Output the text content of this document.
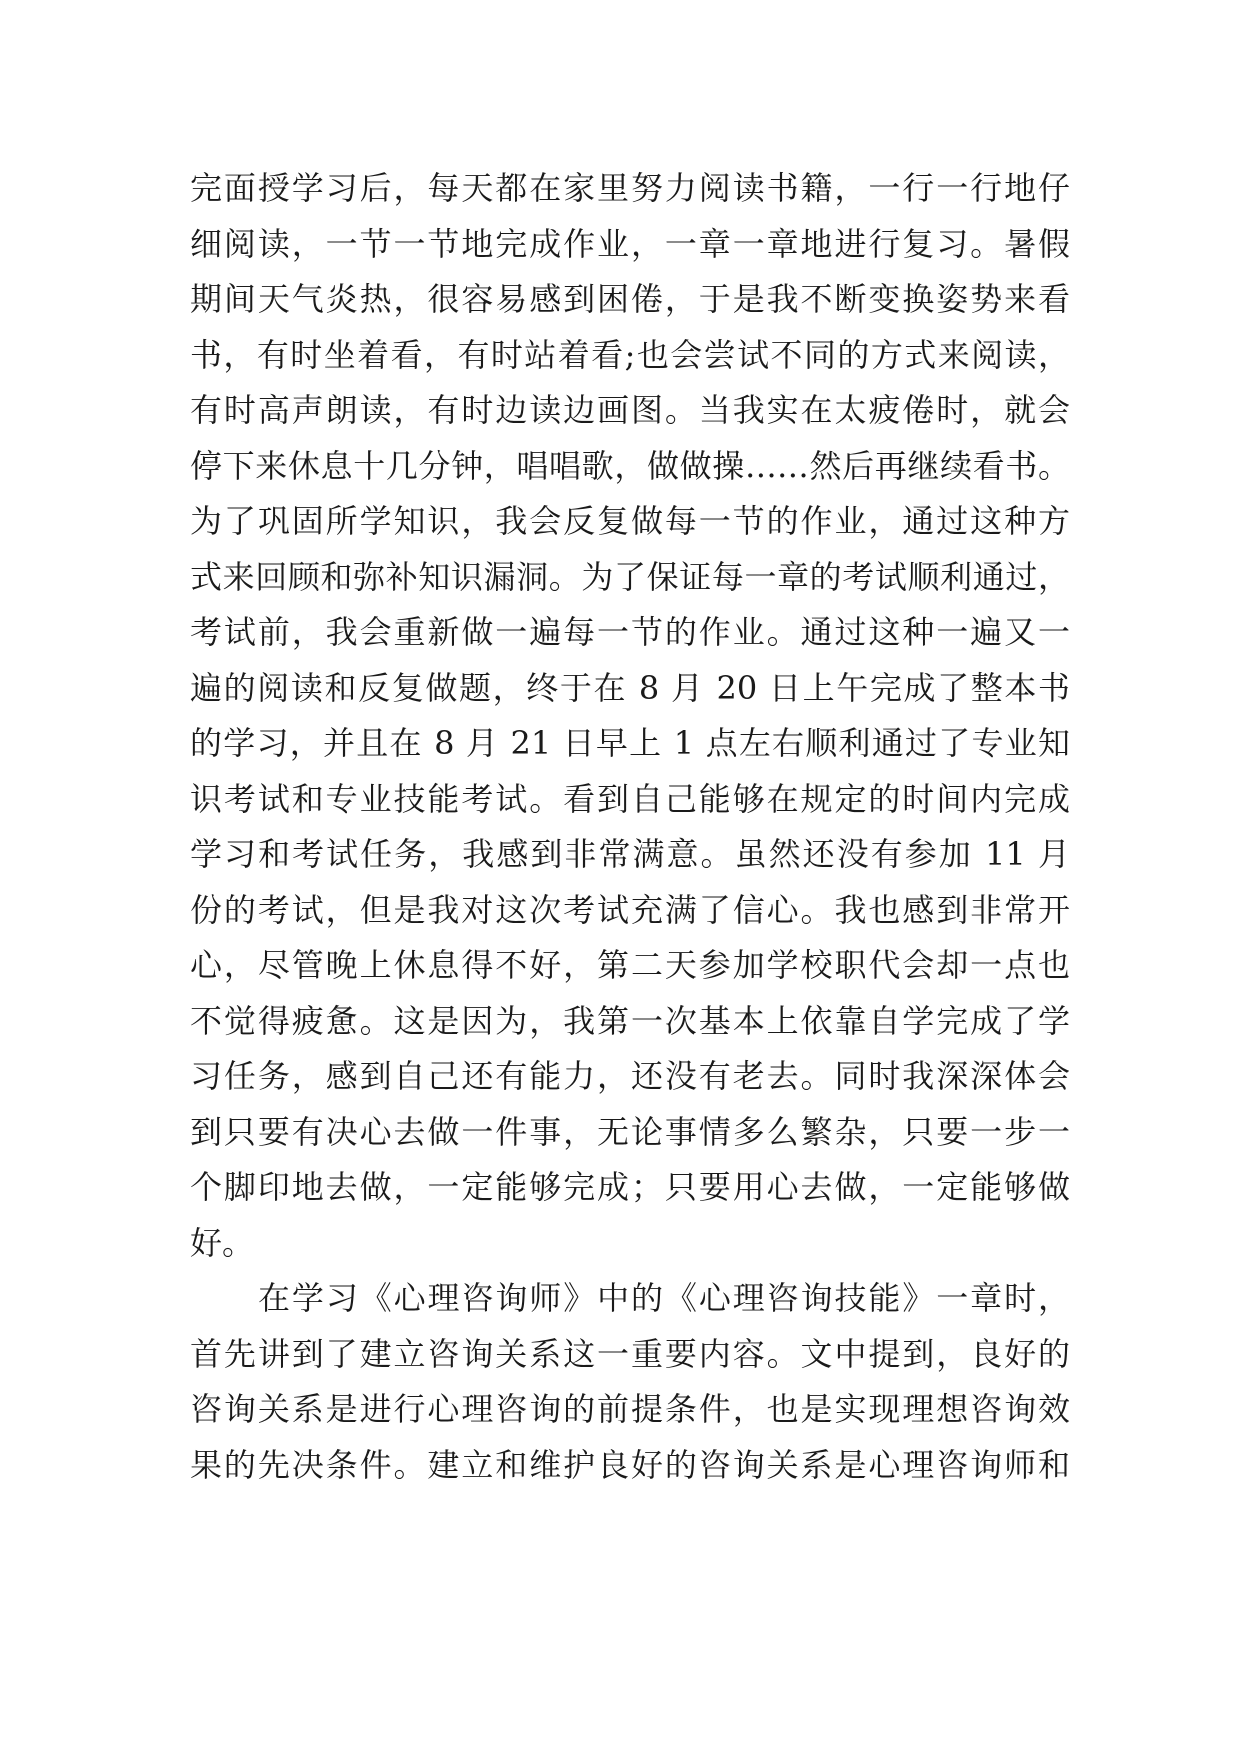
完面授学习后，每天都在家里努力阅读书籍，一行一行地仔
细阅读，一节一节地完成作业，一章一章地进行复习。暑假
期间天气炎热，很容易感到困倦，于是我不断变换姿势来看
书，有时坐着看，有时站着看;也会尝试不同的方式来阅读，
有时高声朗读，有时边读边画图。当我实在太疲倦时，就会
停下来休息十几分钟，唱唱歌，做做操……然后再继续看书。
为了巩固所学知识，我会反复做每一节的作业，通过这种方
式来回顾和弥补知识漏洞。为了保证每一章的考试顺利通过，
考试前，我会重新做一遍每一节的作业。通过这种一遍又一
遍的阅读和反复做题，终于在 8 月 20 日上午完成了整本书
的学习，并且在 8 月 21 日早上 1 点左右顺利通过了专业知
识考试和专业技能考试。看到自己能够在规定的时间内完成
学习和考试任务，我感到非常满意。虽然还没有参加 11 月
份的考试，但是我对这次考试充满了信心。我也感到非常开
心，尽管晚上休息得不好，第二天参加学校职代会却一点也
不觉得疲惫。这是因为，我第一次基本上依靠自学完成了学
习任务，感到自己还有能力，还没有老去。同时我深深体会
到只要有决心去做一件事，无论事情多么繁杂，只要一步一
个脚印地去做，一定能够完成；只要用心去做，一定能够做
好。
在学习《心理咨询师》中的《心理咨询技能》一章时，
首先讲到了建立咨询关系这一重要内容。文中提到，良好的
咨询关系是进行心理咨询的前提条件，也是实现理想咨询效
果的先决条件。建立和维护良好的咨询关系是心理咨询师和
